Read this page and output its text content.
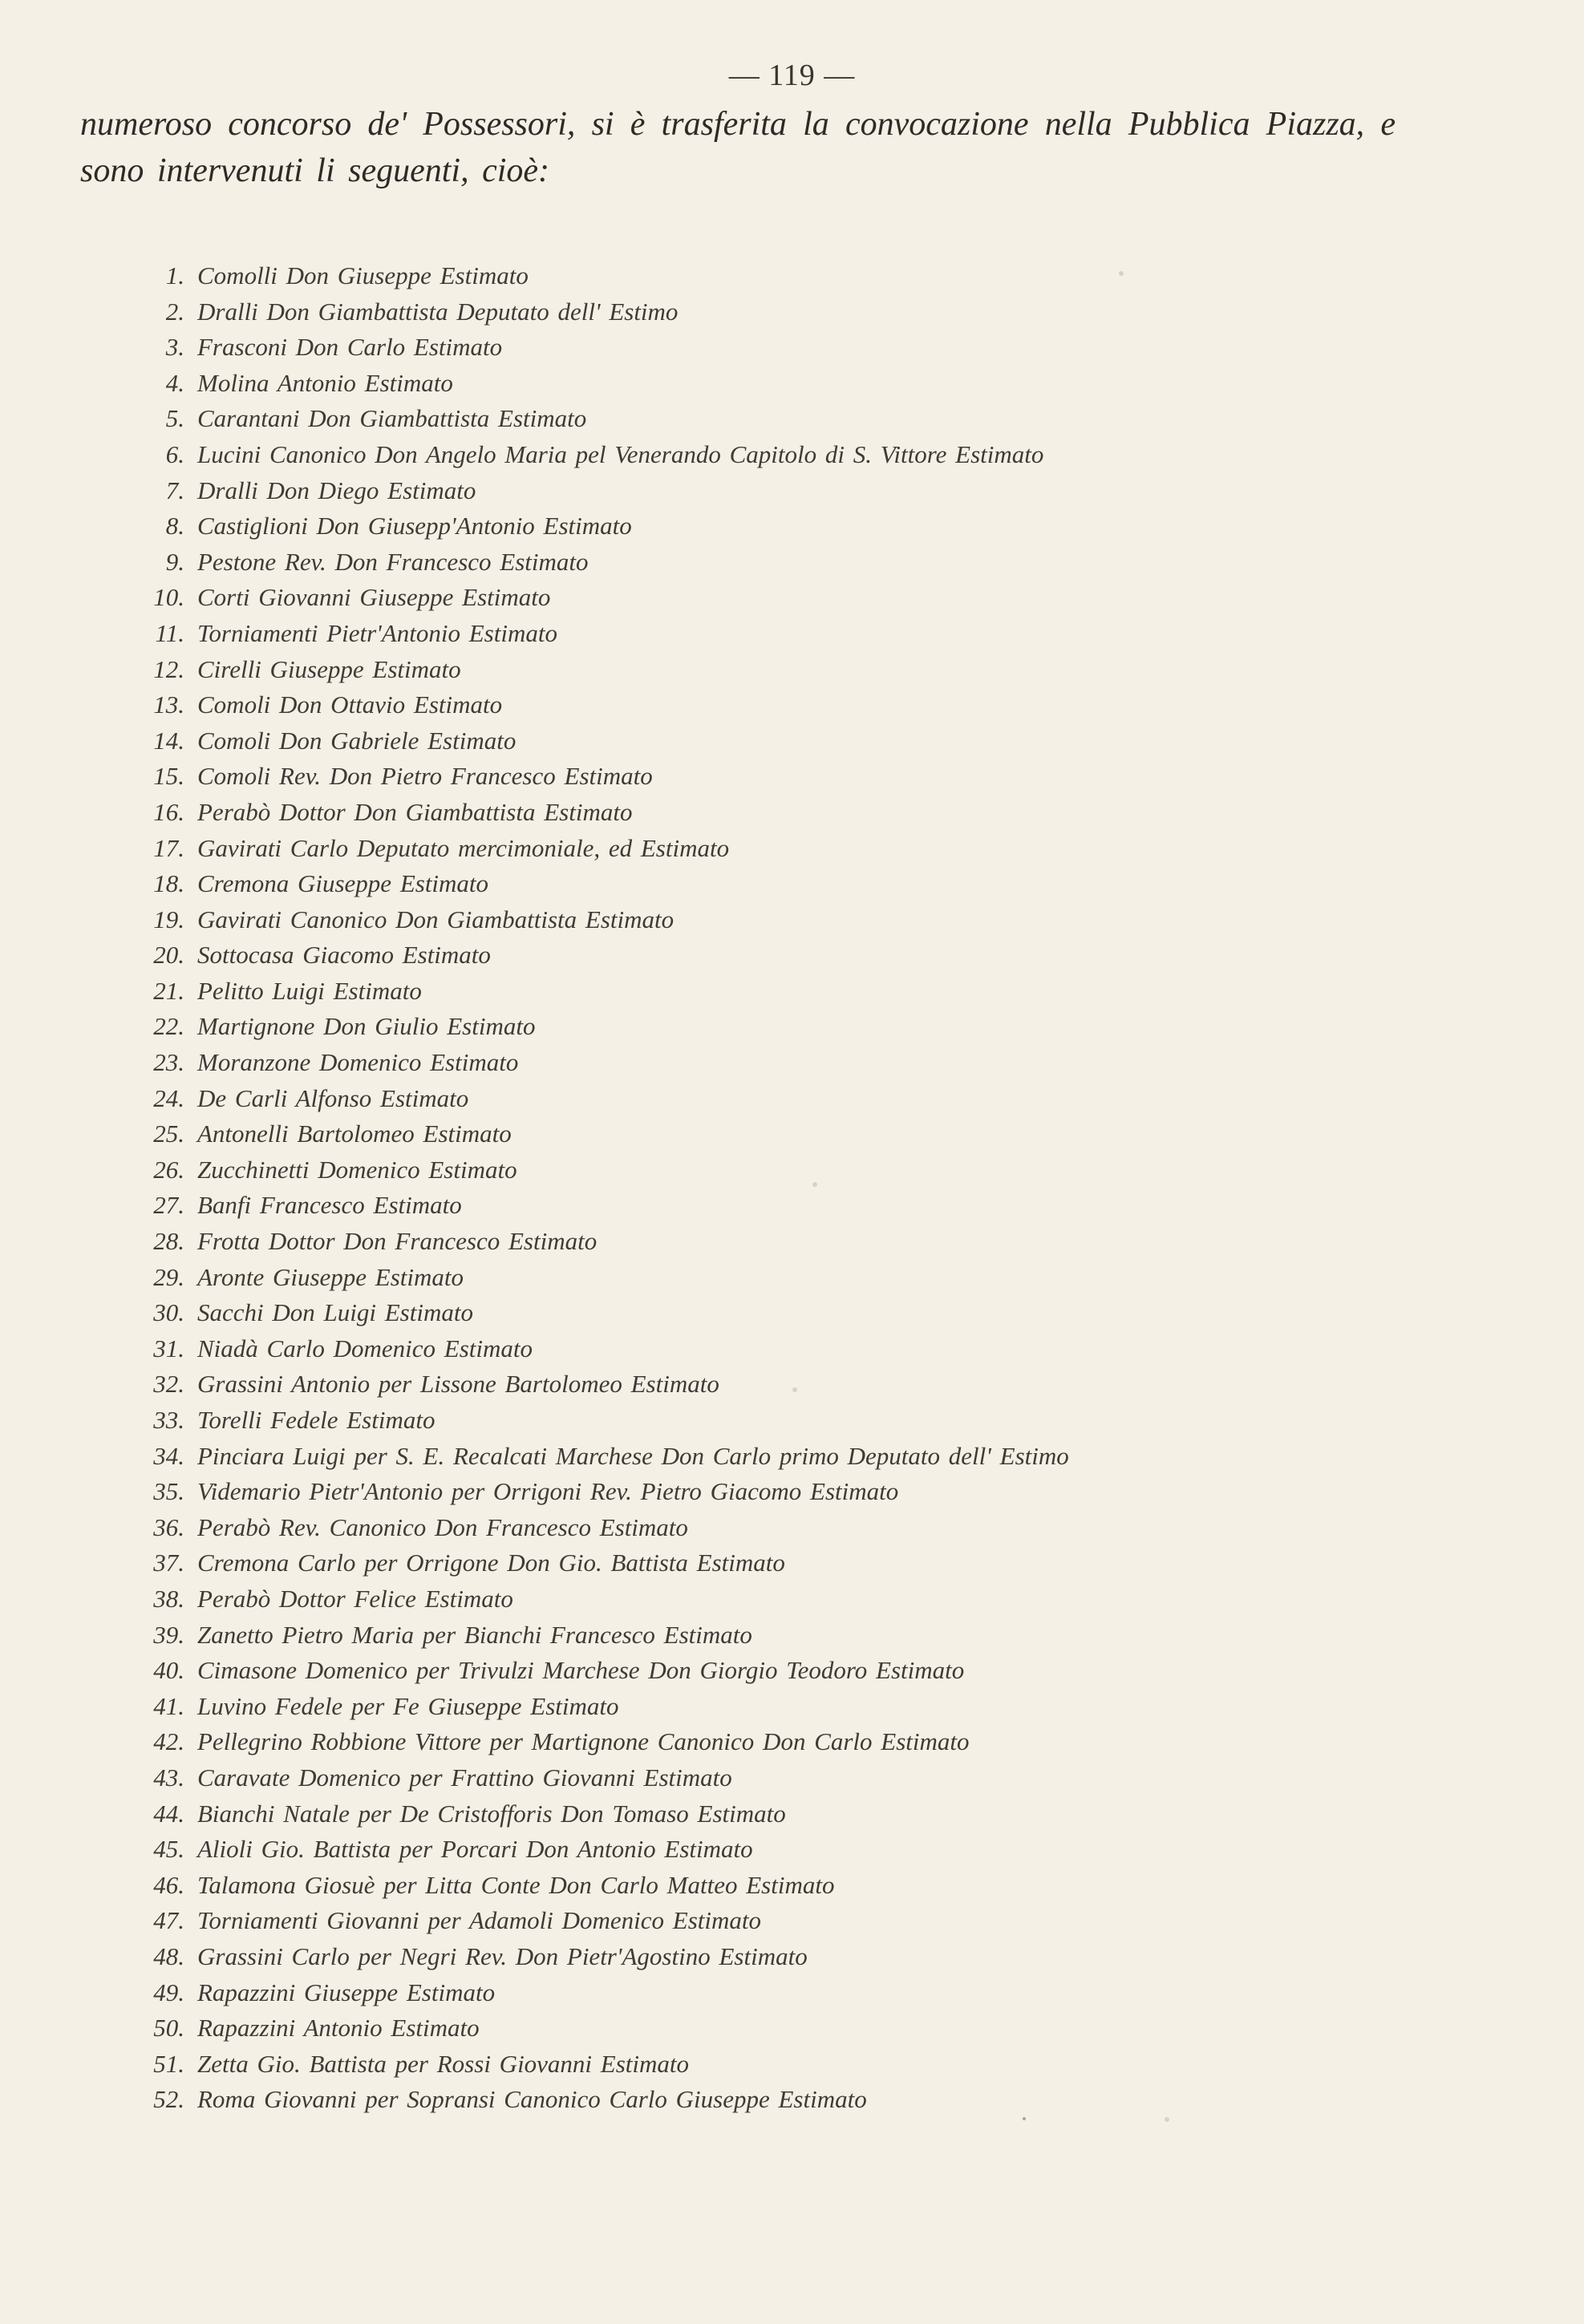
— 119 —
numeroso concorso de' Possessori, si è trasferita la convocazione nella Pubblica Piazza, e
sono intervenuti li seguenti, cioè:
1. Comolli Don Giuseppe Estimato
2. Dralli Don Giambattista Deputato dell' Estimo
3. Frasconi Don Carlo Estimato
4. Molina Antonio Estimato
5. Carantani Don Giambattista Estimato
6. Lucini Canonico Don Angelo Maria pel Venerando Capitolo di S. Vittore Estimato
7. Dralli Don Diego Estimato
8. Castiglioni Don Giusepp'Antonio Estimato
9. Pestone Rev. Don Francesco Estimato
10. Corti Giovanni Giuseppe Estimato
11. Torniamenti Pietr'Antonio Estimato
12. Cirelli Giuseppe Estimato
13. Comoli Don Ottavio Estimato
14. Comoli Don Gabriele Estimato
15. Comoli Rev. Don Pietro Francesco Estimato
16. Perabò Dottor Don Giambattista Estimato
17. Gavirati Carlo Deputato mercimoniale, ed Estimato
18. Cremona Giuseppe Estimato
19. Gavirati Canonico Don Giambattista Estimato
20. Sottocasa Giacomo Estimato
21. Pelitto Luigi Estimato
22. Martignone Don Giulio Estimato
23. Moranzone Domenico Estimato
24. De Carli Alfonso Estimato
25. Antonelli Bartolomeo Estimato
26. Zucchinetti Domenico Estimato
27. Banfi Francesco Estimato
28. Frotta Dottor Don Francesco Estimato
29. Aronte Giuseppe Estimato
30. Sacchi Don Luigi Estimato
31. Niadà Carlo Domenico Estimato
32. Grassini Antonio per Lissone Bartolomeo Estimato
33. Torelli Fedele Estimato
34. Pinciara Luigi per S. E. Recalcati Marchese Don Carlo primo Deputato dell' Estimo
35. Videmario Pietr'Antonio per Orrigoni Rev. Pietro Giacomo Estimato
36. Perabò Rev. Canonico Don Francesco Estimato
37. Cremona Carlo per Orrigone Don Gio. Battista Estimato
38. Perabò Dottor Felice Estimato
39. Zanetto Pietro Maria per Bianchi Francesco Estimato
40. Cimasone Domenico per Trivulzi Marchese Don Giorgio Teodoro Estimato
41. Luvino Fedele per Fe Giuseppe Estimato
42. Pellegrino Robbione Vittore per Martignone Canonico Don Carlo Estimato
43. Caravate Domenico per Frattino Giovanni Estimato
44. Bianchi Natale per De Cristofforis Don Tomaso Estimato
45. Alioli Gio. Battista per Porcari Don Antonio Estimato
46. Talamona Giosuè per Litta Conte Don Carlo Matteo Estimato
47. Torniamenti Giovanni per Adamoli Domenico Estimato
48. Grassini Carlo per Negri Rev. Don Pietr'Agostino Estimato
49. Rapazzini Giuseppe Estimato
50. Rapazzini Antonio Estimato
51. Zetta Gio. Battista per Rossi Giovanni Estimato
52. Roma Giovanni per Sopransi Canonico Carlo Giuseppe Estimato
